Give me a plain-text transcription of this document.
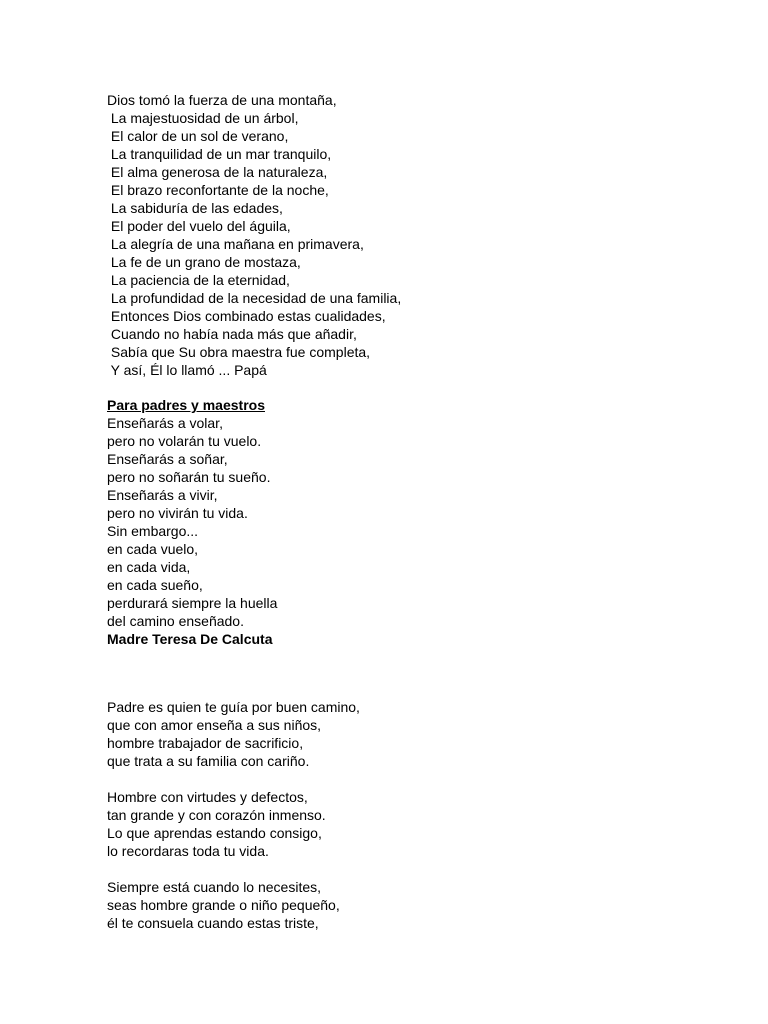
Dios tomó la fuerza de una montaña,
La majestuosidad de un árbol,
El calor de un sol de verano,
La tranquilidad de un mar tranquilo,
El alma generosa de la naturaleza,
El brazo reconfortante de la noche,
La sabiduría de las edades,
El poder del vuelo del águila,
La alegría de una mañana en primavera,
La fe de un grano de mostaza,
La paciencia de la eternidad,
La profundidad de la necesidad de una familia,
Entonces Dios combinado estas cualidades,
Cuando no había nada más que añadir,
Sabía que Su obra maestra fue completa,
Y así, Él lo llamó ... Papá
Para padres y maestros
Enseñarás a volar,
pero no volarán tu vuelo.
Enseñarás a soñar,
pero no soñarán tu sueño.
Enseñarás a vivir,
pero no vivirán tu vida.
Sin embargo...
en cada vuelo,
en cada vida,
en cada sueño,
perdurará siempre la huella
del camino enseñado.
Madre Teresa De Calcuta
Padre es quien te guía por buen camino,
que con amor enseña a sus niños,
hombre trabajador de sacrificio,
que trata a su familia con cariño.
Hombre con virtudes y defectos,
tan grande y con corazón inmenso.
Lo que aprendas estando consigo,
lo recordaras toda tu vida.
Siempre está cuando lo necesites,
seas hombre grande o niño pequeño,
él te consuela cuando estas triste,
